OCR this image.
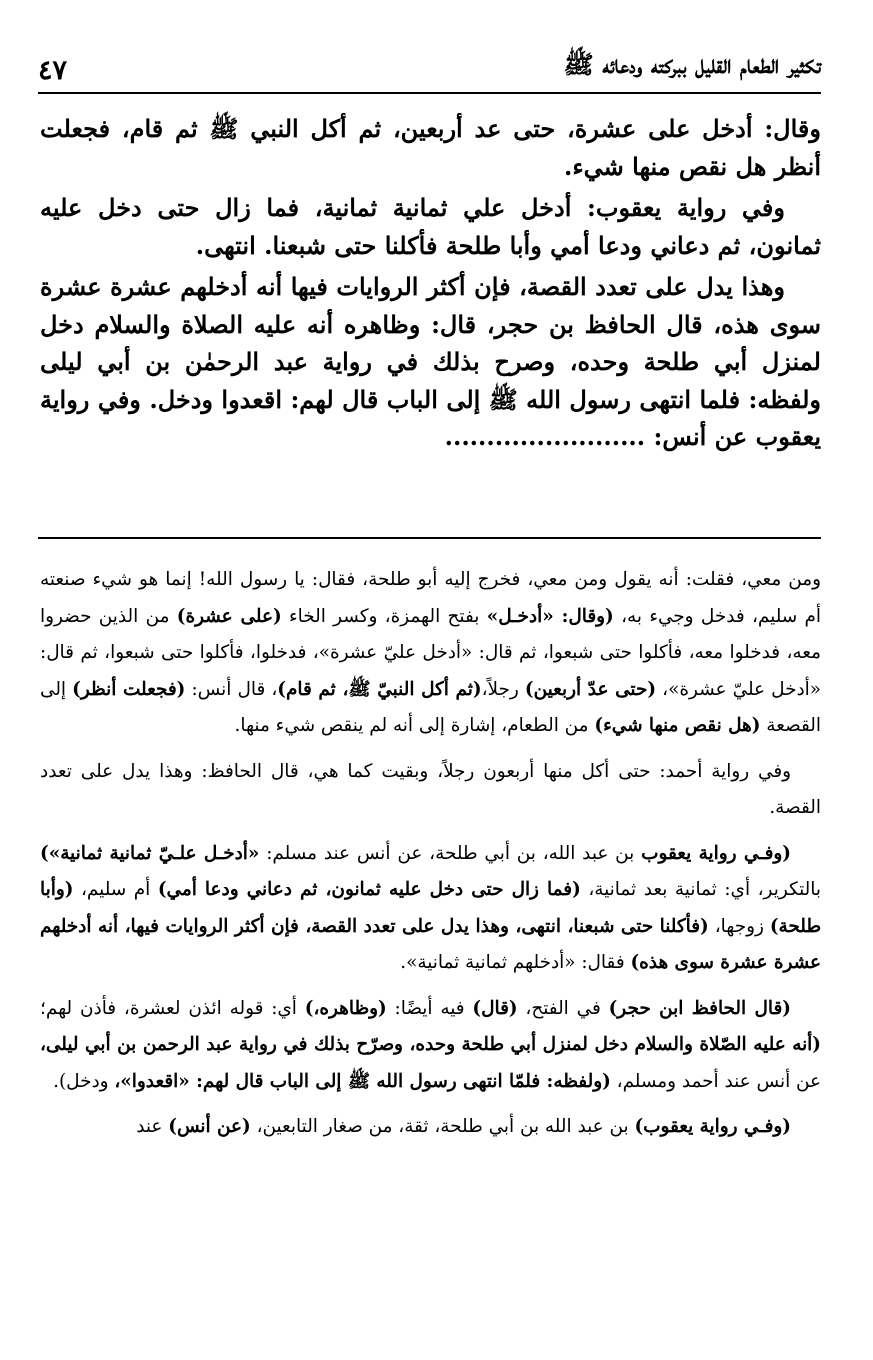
تكثير الطعام القليل ببركته ودعائه ﷺ
٤٧

وقال: أدخل على عشرة، حتى عد أربعين، ثم أكل النبي ﷺ ثم قام، فجعلت أنظر هل نقص منها شيء.

وفي رواية يعقوب: أدخل علي ثمانية ثمانية، فما زال حتى دخل عليه ثمانون، ثم دعاني ودعا أمي وأبا طلحة فأكلنا حتى شبعنا. انتهى.

وهذا يدل على تعدد القصة، فإن أكثر الروايات فيها أنه أدخلهم عشرة عشرة سوى هذه، قال الحافظ بن حجر، قال: وظاهره أنه عليه الصلاة والسلام دخل لمنزل أبي طلحة وحده، وصرح بذلك في رواية عبد الرحمٰن بن أبي ليلى ولفظه: فلما انتهى رسول الله ﷺ إلى الباب قال لهم: اقعدوا ودخل. وفي رواية يعقوب عن أنس: ........................

ومن معي، فقلت: أنه يقول ومن معي، فخرج إليه أبو طلحة، فقال: يا رسول الله! إنما هو شيء صنعته أم سليم، فدخل وجيء به، (وقال: «أدخـل» بفتح الهمزة، وكسر الخاء (على عشرة) من الذين حضروا معه، فدخلوا معه، فأكلوا حتى شبعوا، ثم قال: «أدخل عليّ عشرة»، فدخلوا، فأكلوا حتى شبعوا، ثم قال: «أدخل عليّ عشرة»، (حتى عدّ أربعين) رجلاً،(ثم أكل النبيّ ﷺ، ثم قام)، قال أنس: (فجعلت أنظر) إلى القصعة (هل نقص منها شيء) من الطعام، إشارة إلى أنه لم ينقص شيء منها.

وفي رواية أحمد: حتى أكل منها أربعون رجلاً، وبقيت كما هي، قال الحافظ: وهذا يدل على تعدد القصة.

(وفـي رواية يعقوب بن عبد الله، بن أبي طلحة، عن أنس عند مسلم: «أدخـل علـيّ ثمانية ثمانية») بالتكرير، أي: ثمانية بعد ثمانية، (فما زال حتى دخل عليه ثمانون، ثم دعاني ودعا أمي) أم سليم، (وأبا طلحة) زوجها، (فأكلنا حتى شبعنا، انتهى، وهذا يدل على تعدد القصة، فإن أكثر الروايات فيها، أنه أدخلهم عشرة عشرة سوى هذه) فقال: «أدخلهم ثمانية ثمانية».

(قال الحافظ ابن حجر) في الفتح، (قال) فيه أيضًا: (وظاهره،) أي: قوله ائذن لعشرة، فأذن لهم؛ (أنه عليه الصّلاة والسلام دخل لمنزل أبي طلحة وحده، وصرّح بذلك في رواية عبد الرحمن بن أبي ليلى، عن أنس عند أحمد ومسلم، (ولفظه: فلمّا انتهى رسول الله ﷺ إلى الباب قال لهم: «اقعدوا»، ودخل).

(وفـي رواية يعقوب) بن عبد الله بن أبي طلحة، ثقة، من صغار التابعين، (عن أنس) عند
